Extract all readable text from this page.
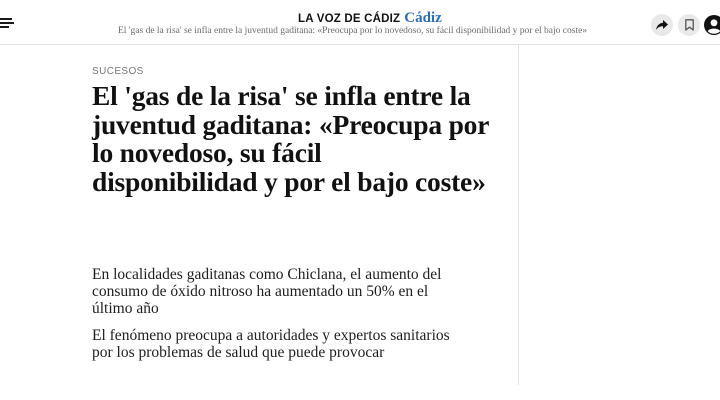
LA VOZ DE CÁDIZ Cádiz
El 'gas de la risa' se infla entre la juventud gaditana: «Preocupa por lo novedoso, su fácil disponibilidad y por el bajo coste»
SUCESOS
El 'gas de la risa' se infla entre la juventud gaditana: «Preocupa por lo novedoso, su fácil disponibilidad y por el bajo coste»

En localidades gaditanas como Chiclana, el aumento del consumo de óxido nitroso ha aumentado un 50% en el último año

El fenómeno preocupa a autoridades y expertos sanitarios por los problemas de salud que puede provocar
